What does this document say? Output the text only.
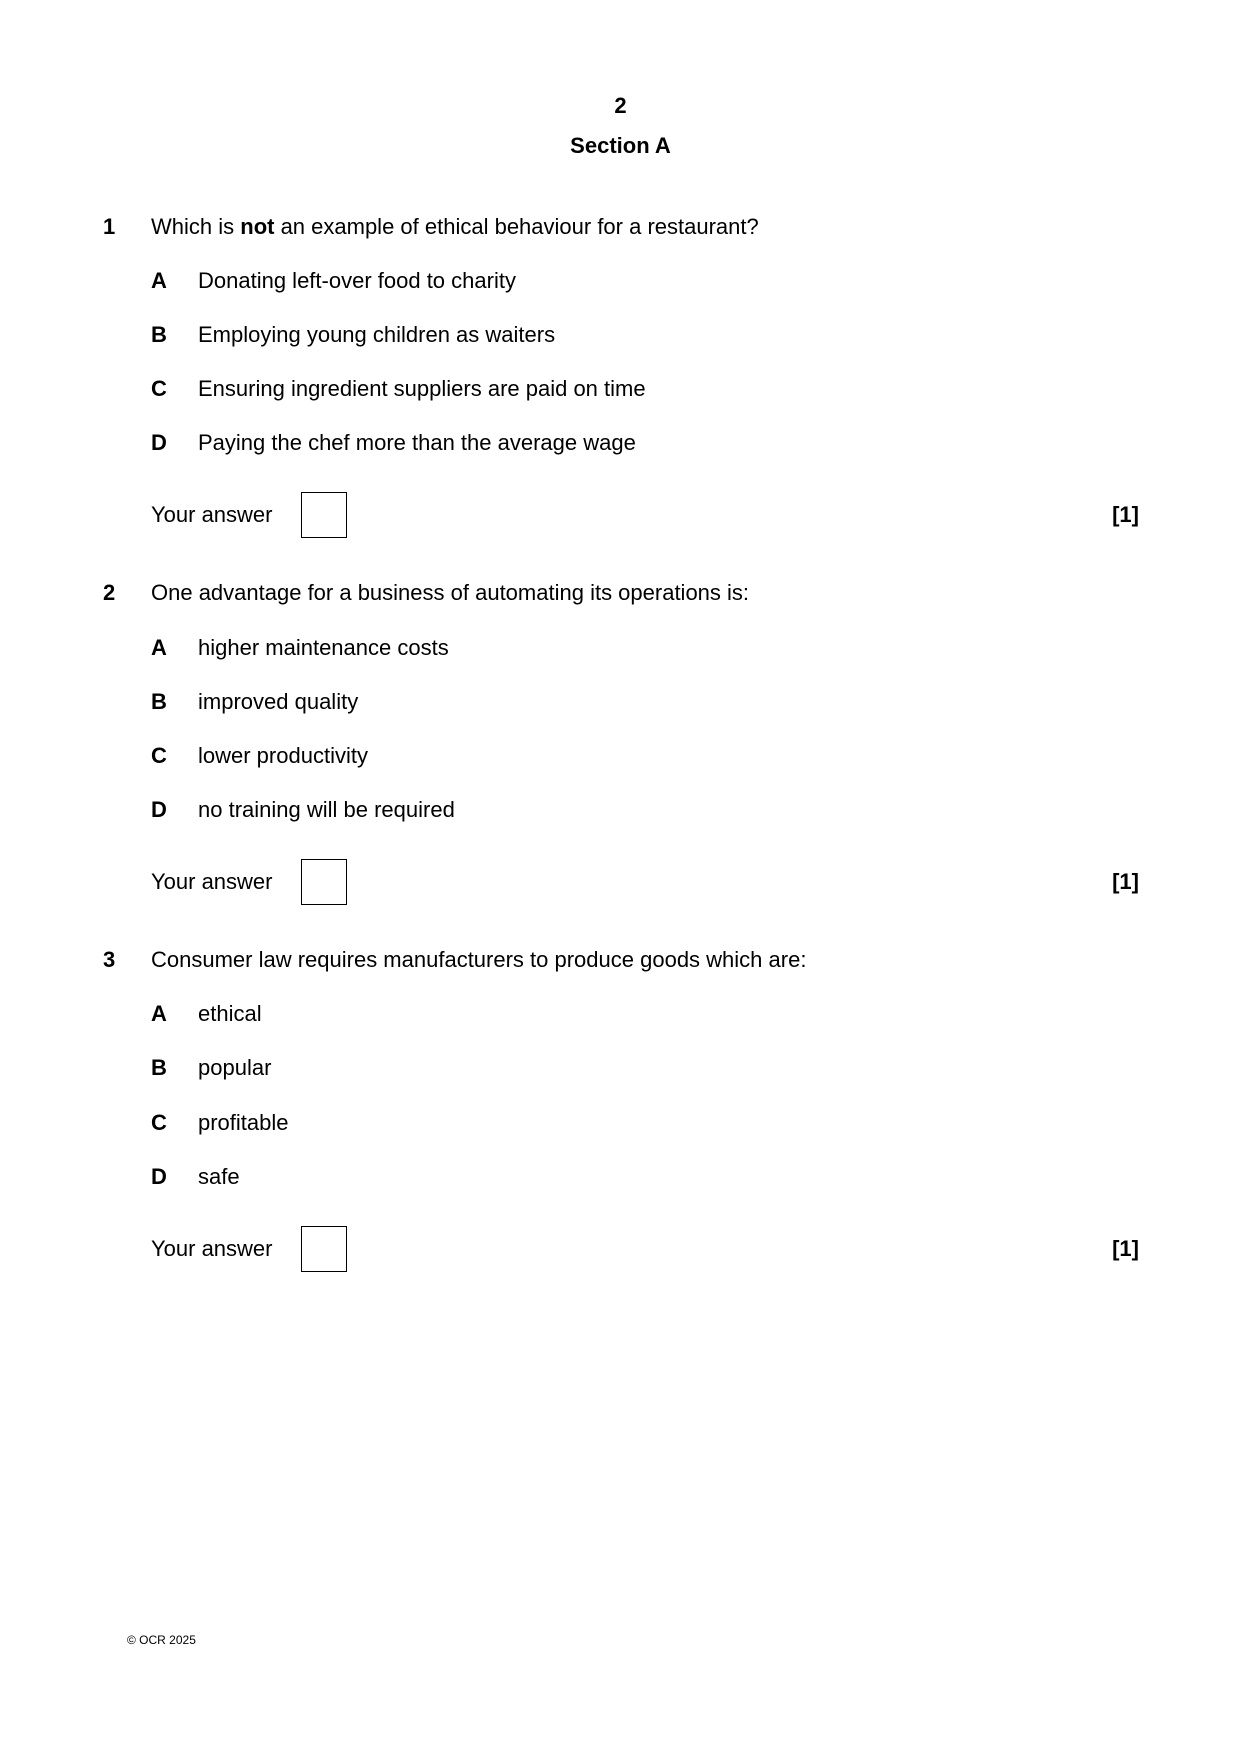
2
Section A
1 Which is not an example of ethical behaviour for a restaurant?
A Donating left-over food to charity
B Employing young children as waiters
C Ensuring ingredient suppliers are paid on time
D Paying the chef more than the average wage
Your answer	[1]
2 One advantage for a business of automating its operations is:
A higher maintenance costs
B improved quality
C lower productivity
D no training will be required
Your answer	[1]
3 Consumer law requires manufacturers to produce goods which are:
A ethical
B popular
C profitable
D safe
Your answer	[1]
© OCR 2025
